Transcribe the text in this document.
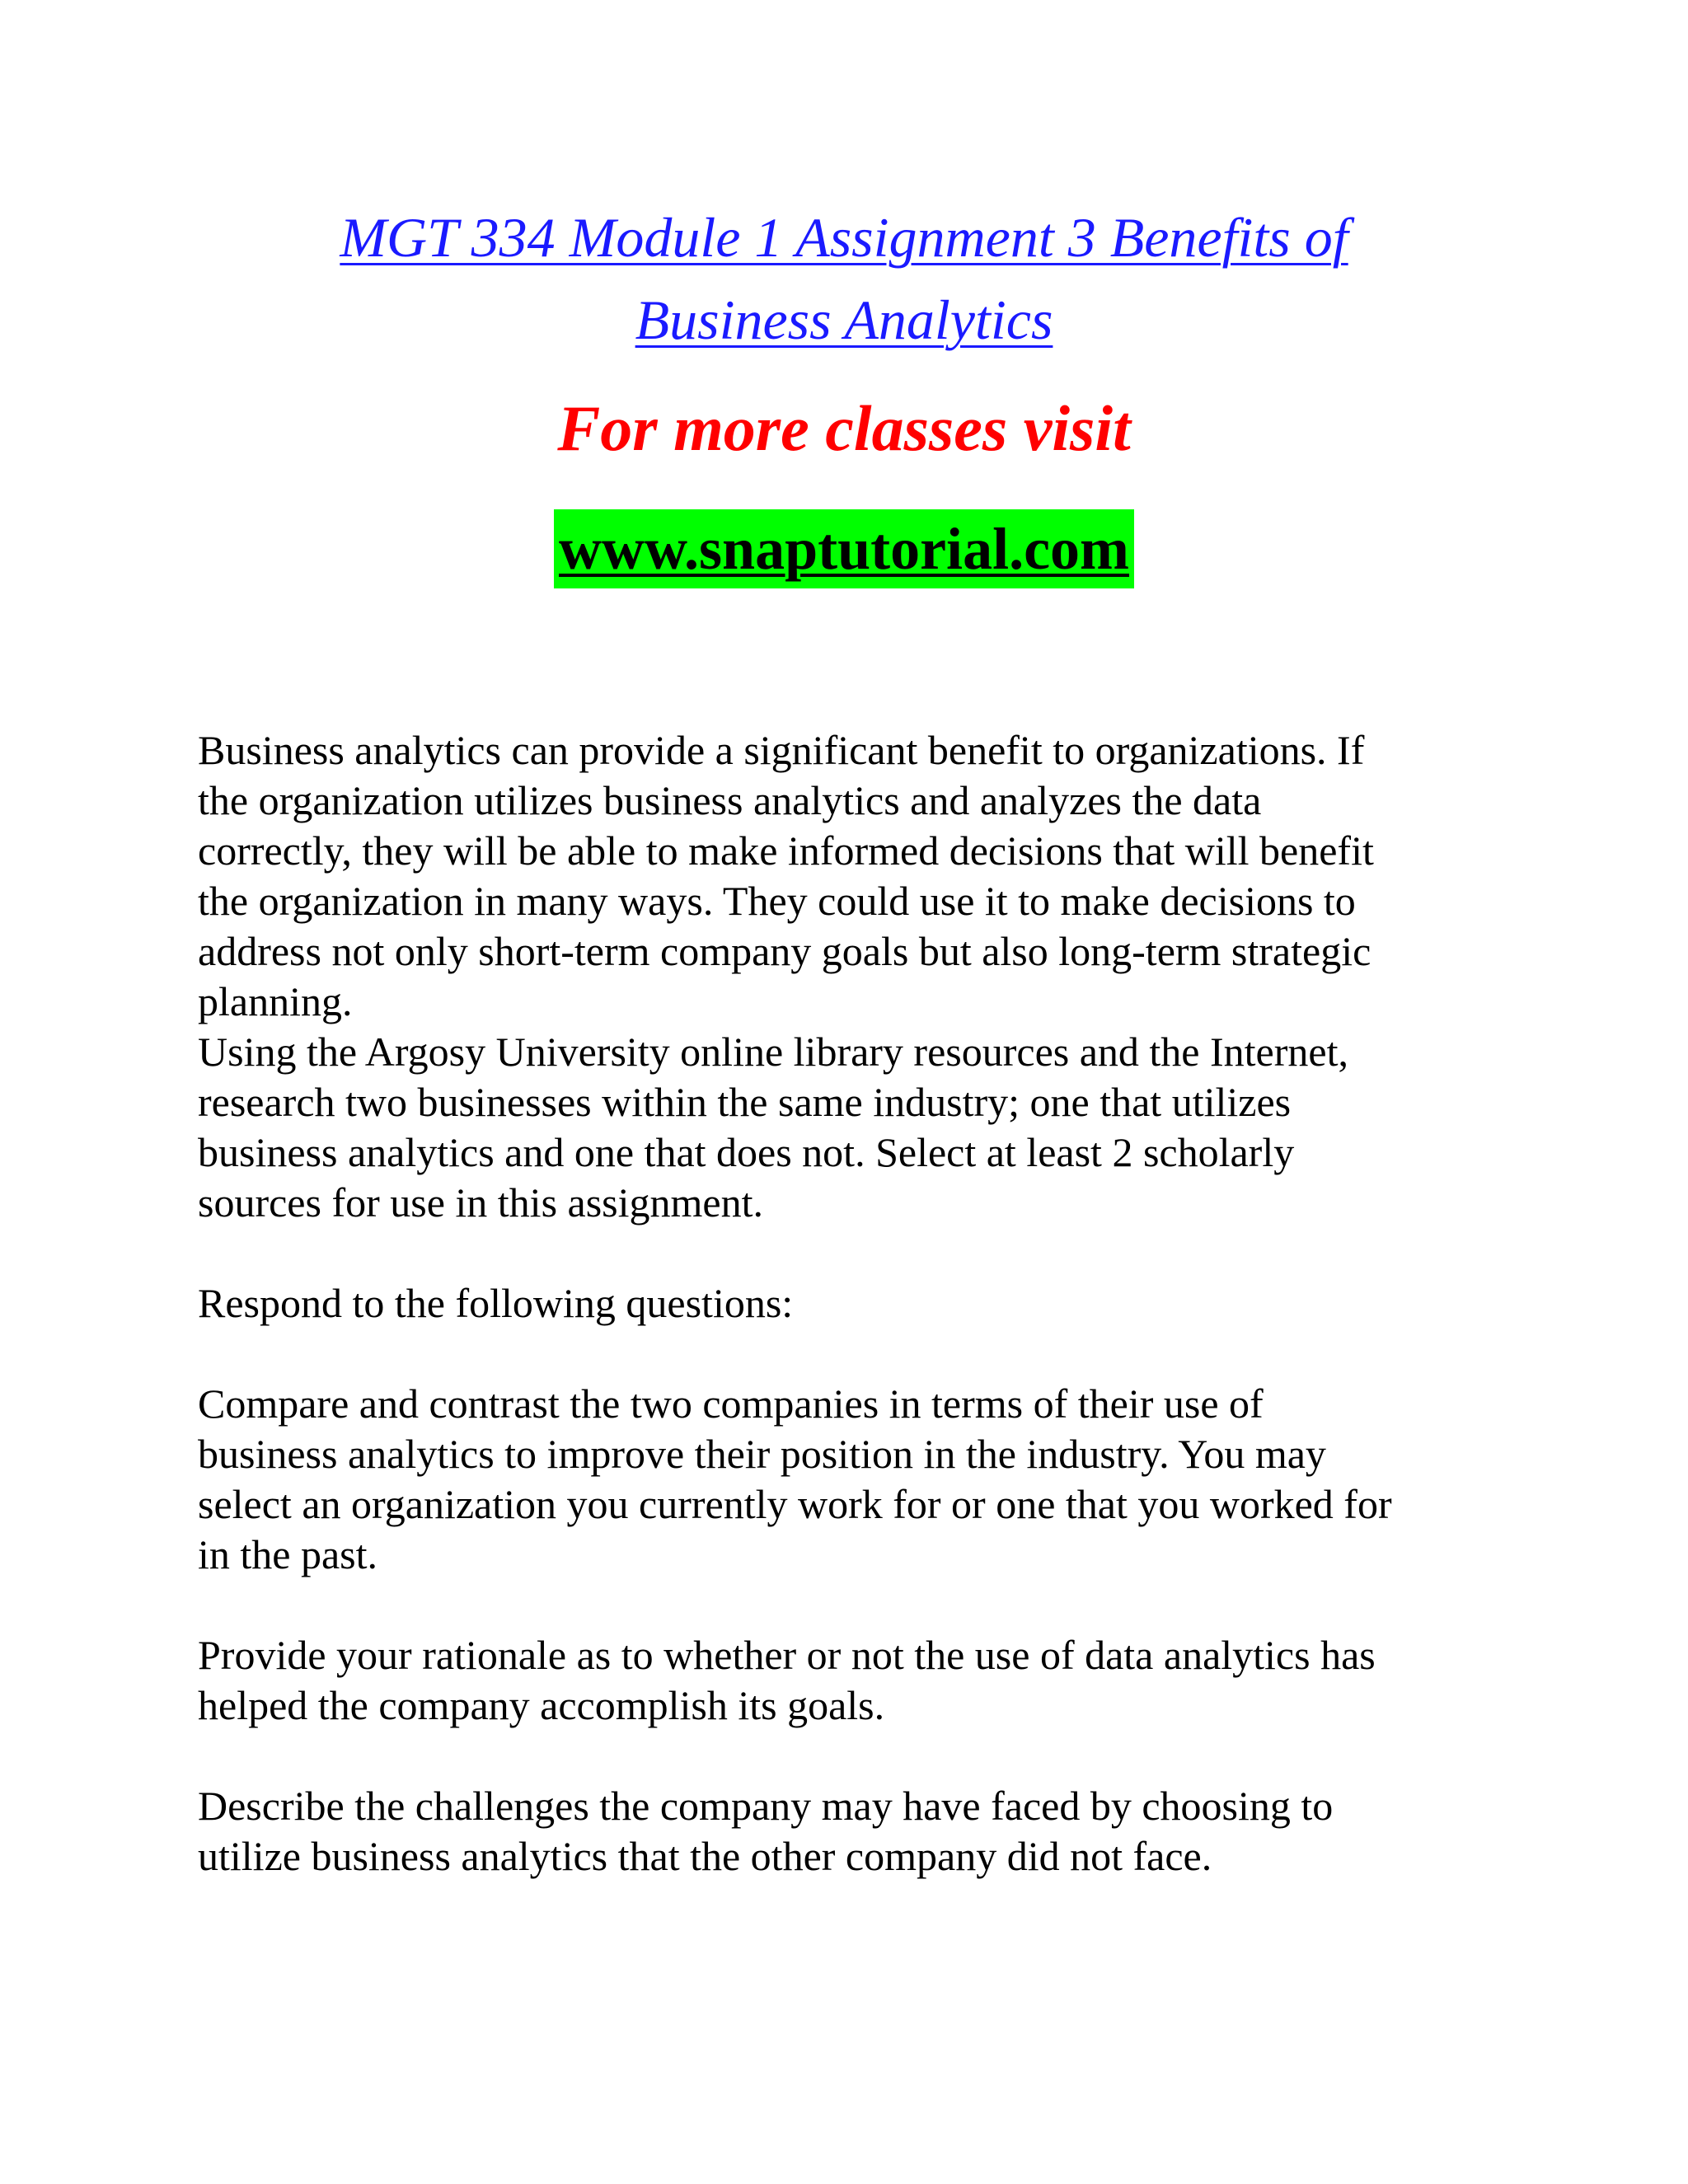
MGT 334 Module 1 Assignment 3 Benefits of
Business Analytics
For more classes visit
www.snaptutorial.com

Business analytics can provide a significant benefit to organizations. If
the organization utilizes business analytics and analyzes the data
correctly, they will be able to make informed decisions that will benefit
the organization in many ways. They could use it to make decisions to
address not only short-term company goals but also long-term strategic
planning.

Using the Argosy University online library resources and the Internet,
research two businesses within the same industry; one that utilizes
business analytics and one that does not. Select at least 2 scholarly
sources for use in this assignment.

Respond to the following questions:

Compare and contrast the two companies in terms of their use of
business analytics to improve their position in the industry. You may
select an organization you currently work for or one that you worked for
in the past.

Provide your rationale as to whether or not the use of data analytics has
helped the company accomplish its goals.

Describe the challenges the company may have faced by choosing to
utilize business analytics that the other company did not face.
